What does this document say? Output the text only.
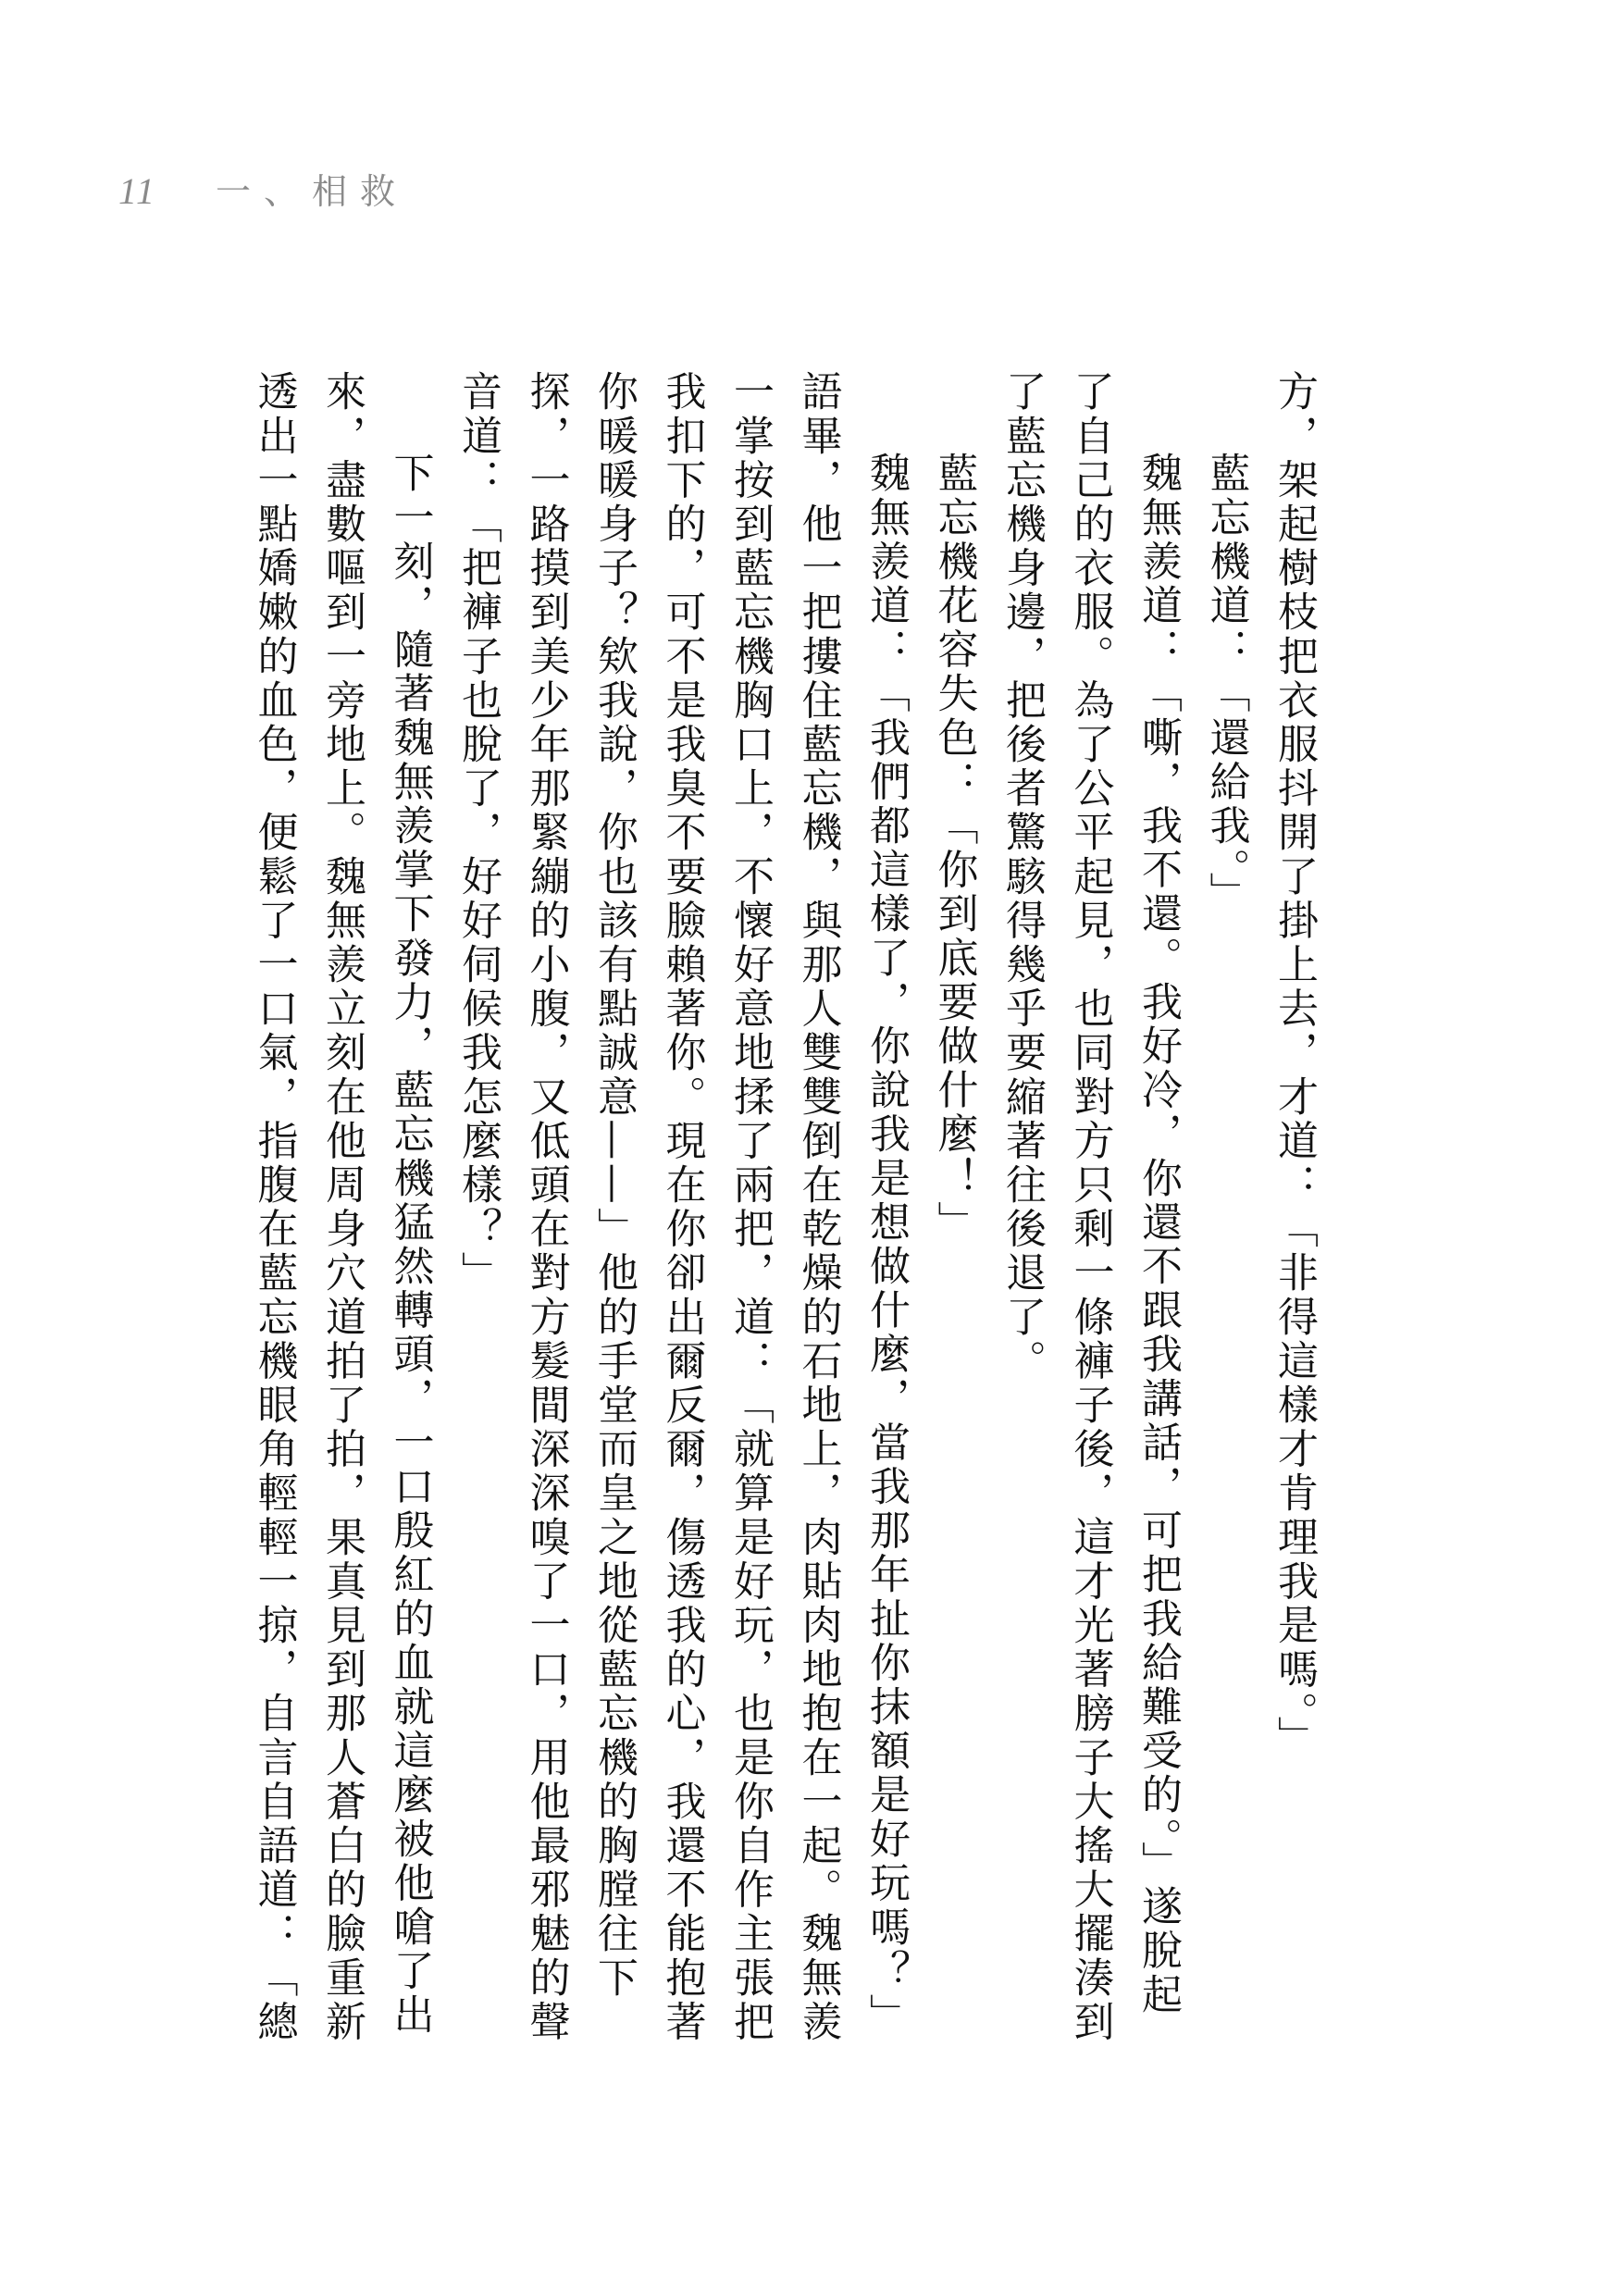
11 一、相救

方，架起樹枝把衣服抖開了掛上去，才道：「非得這樣才肯理我是嗎。」

藍忘機道：「還給我。」

魏無羨道：「嘶，我不還。我好冷，你還不跟我講話，可把我給難受的。」遂脫起了自己的衣服。為了公平起見，也同對方只剩一條褲子後，這才光著膀子大搖大擺湊到了藍忘機身邊，把後者驚駭得幾乎要縮著往後退了。

藍忘機花容失色：「你到底要做什麼！」

魏無羨道：「我們都這樣了，你說我是想做什麼，當我那年扯你抹額是好玩嗎？」語畢，他一把摟住藍忘機，與那人雙雙倒在乾燥的石地上，肉貼肉地抱在一起。魏無羨一掌按到藍忘機胸口上，不懷好意地揉了兩把，道：「就算是好玩，也是你自作主張把我扣下的，可不是我臭不要臉賴著你。現在你卻出爾反爾，傷透我的心，我還不能抱著你暖暖身子？欸我說，你也該有點誠意——」他的手堂而皇之地從藍忘機的胸膛往下探，一路摸到美少年那緊繃的小腹，又低頭在對方髮間深深嗅了一口，用他最邪魅的聲音道：「把褲子也脫了，好好伺候我怎麼樣？」

下一刻，隨著魏無羨掌下發力，藍忘機猛然轉頭，一口殷紅的血就這麼被他嗆了出來，盡數嘔到一旁地上。魏無羨立刻在他周身穴道拍了拍，果真見到那人蒼白的臉重新透出一點嬌嫩的血色，便鬆了一口氣，指腹在藍忘機眼角輕輕一掠，自言自語道：「總
